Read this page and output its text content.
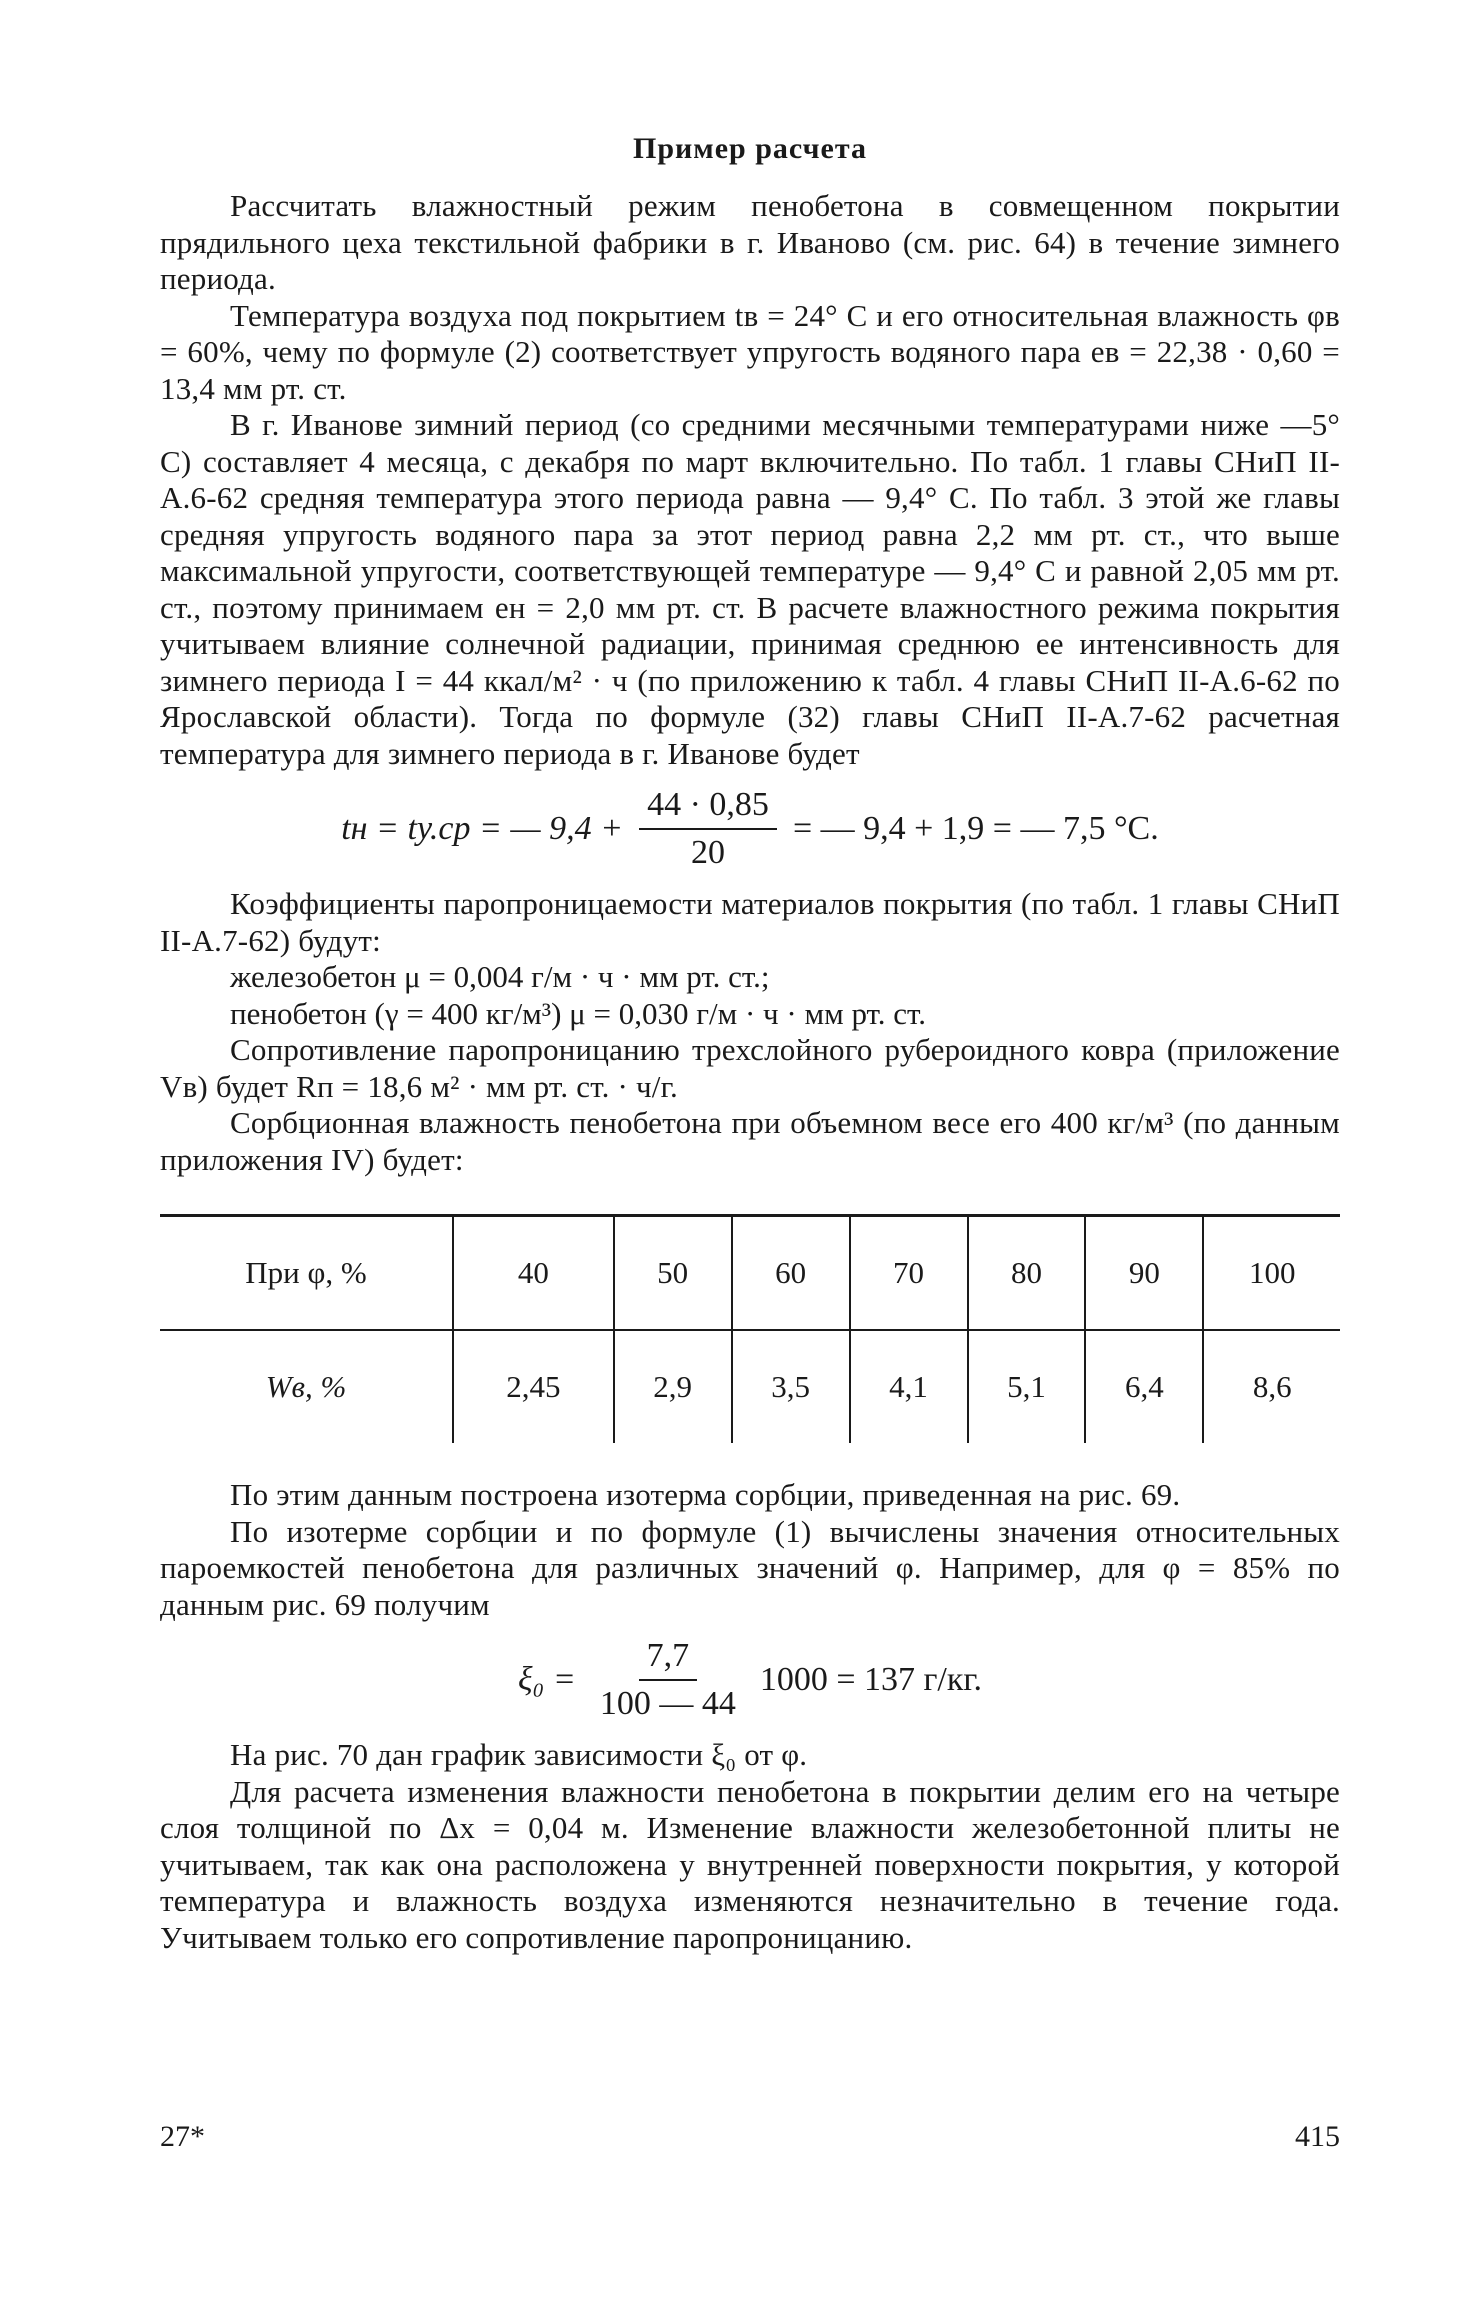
Пример расчета

Рассчитать влажностный режим пенобетона в совмещенном покрытии прядильного цеха текстильной фабрики в г. Иваново (см. рис. 64) в течение зимнего периода.

Температура воздуха под покрытием tв = 24° С и его относительная влажность φв = 60%, чему по формуле (2) соответствует упругость водяного пара eв = 22,38 · 0,60 = 13,4 мм рт. ст.

В г. Иванове зимний период (со средними месячными температурами ниже —5° С) составляет 4 месяца, с декабря по март включительно. По табл. 1 главы СНиП II-А.6-62 средняя температура этого периода равна — 9,4° С. По табл. 3 этой же главы средняя упругость водяного пара за этот период равна 2,2 мм рт. ст., что выше максимальной упругости, соответствующей температуре — 9,4° С и равной 2,05 мм рт. ст., поэтому принимаем eн = 2,0 мм рт. ст. В расчете влажностного режима покрытия учитываем влияние солнечной радиации, принимая среднюю ее интенсивность для зимнего периода I = 44 ккал/м² · ч (по приложению к табл. 4 главы СНиП II-А.6-62 по Ярославской области). Тогда по формуле (32) главы СНиП II-А.7-62 расчетная температура для зимнего периода в г. Иванове будет

tн = tу.ср = — $9,4 + \frac{44 \cdot 0,85}{20}$ = — 9,4 + 1,9 = — 7,5 °С.

Коэффициенты паропроницаемости материалов покрытия (по табл. 1 главы СНиП II-А.7-62) будут:

железобетон μ = 0,004 г/м · ч · мм рт. ст.;

пенобетон (γ = 400 кг/м³) μ = 0,030 г/м · ч · мм рт. ст.

Сопротивление паропроницанию трехслойного рубероидного ковра (приложение Vв) будет Rп = 18,6 м² · мм рт. ст. · ч/г.

Сорбционная влажность пенобетона при объемном весе его 400 кг/м³ (по данным приложения IV) будет:

При φ, %	40	50	60	70	80	90	100
Wв, %	2,45	2,9	3,5	4,1	5,1	6,4	8,6

По этим данным построена изотерма сорбции, приведенная на рис. 69.

По изотерме сорбции и по формуле (1) вычислены значения относительных пароемкостей пенобетона для различных значений φ. Например, для φ = 85% по данным рис. 69 получим

$\xi_0 = \frac{7,7}{100 — 44} 1000 = 137$ г/кг.

На рис. 70 дан график зависимости ξ₀ от φ.

Для расчета изменения влажности пенобетона в покрытии делим его на четыре слоя толщиной по Δx = 0,04 м. Изменение влажности железобетонной плиты не учитываем, так как она расположена у внутренней поверхности покрытия, у которой температура и влажность воздуха изменяются незначительно в течение года. Учитываем только его сопротивление паропроницанию.

27*	415
